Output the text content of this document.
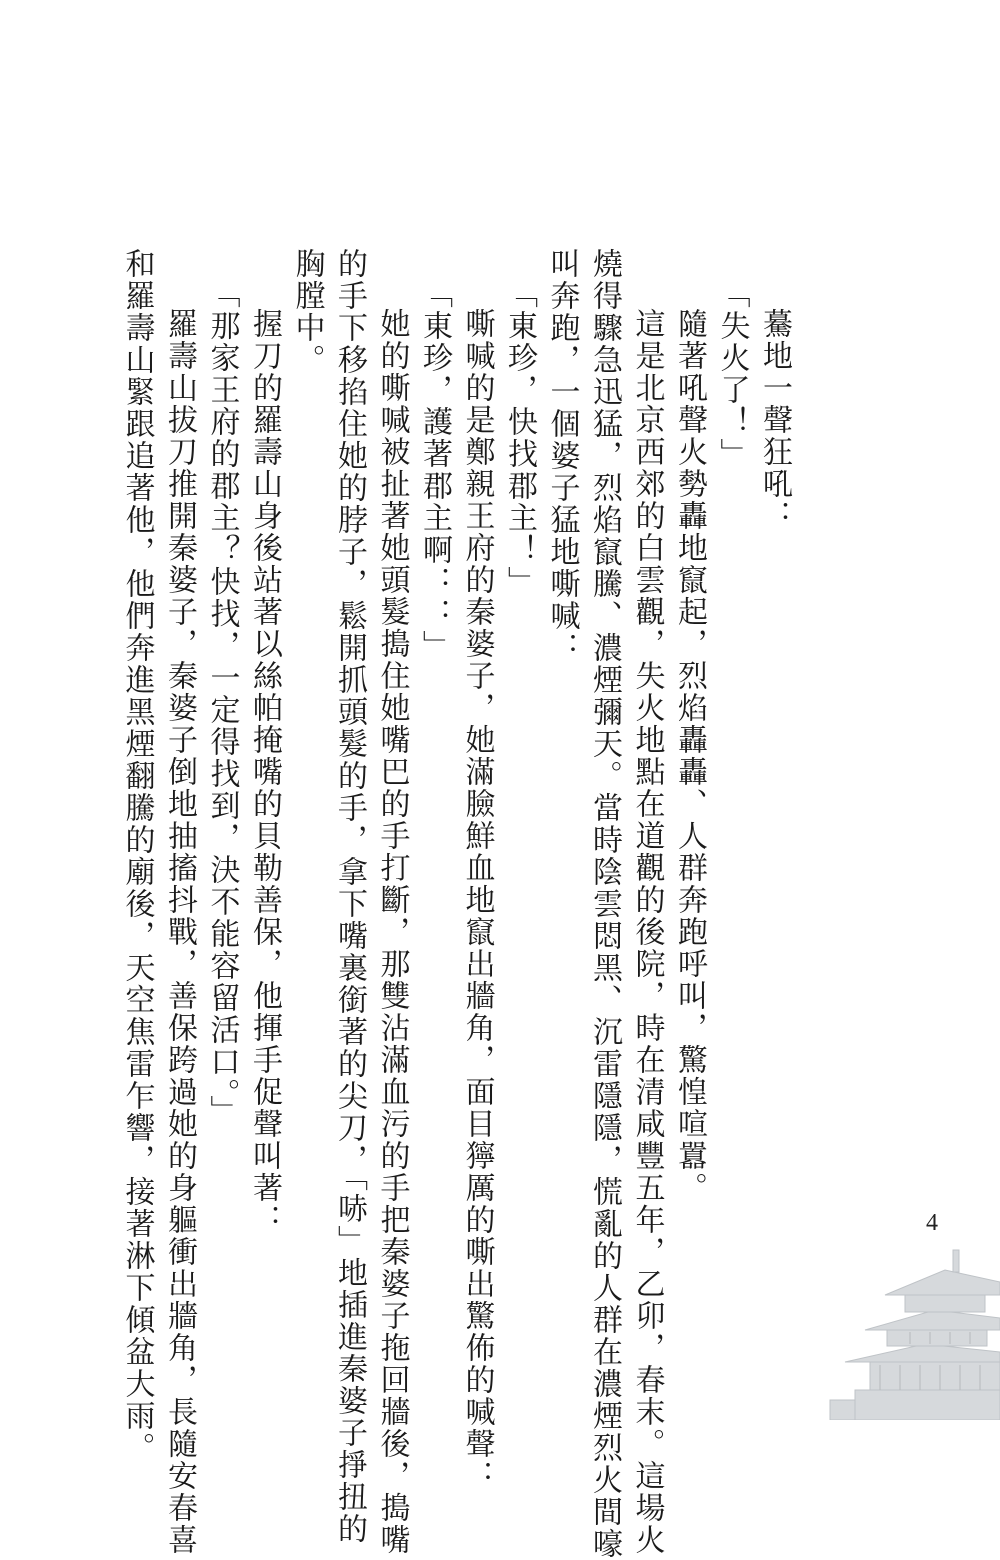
驀地一聲狂吼：
「失火了！」
隨著吼聲火勢轟地竄起，烈焰轟轟、人群奔跑呼叫，驚惶喧囂。
這是北京西郊的白雲觀，失火地點在道觀的後院，時在清咸豐五年，乙卯，春末。這場火
燒得驟急迅猛，烈焰竄騰、濃煙彌天。當時陰雲悶黑、沉雷隱隱，慌亂的人群在濃煙烈火間嚎
叫奔跑，一個婆子猛地嘶喊：
「東珍，快找郡主！」
嘶喊的是鄭親王府的秦婆子，她滿臉鮮血地竄出牆角，面目獰厲的嘶出驚佈的喊聲：
「東珍，護著郡主啊：：」
她的嘶喊被扯著她頭髮搗住她嘴巴的手打斷，那雙沾滿血污的手把秦婆子拖回牆後，搗嘴
的手下移掐住她的脖子，鬆開抓頭髮的手，拿下嘴裏銜著的尖刀，「哧」地插進秦婆子掙扭的
胸膛中。
握刀的羅壽山身後站著以絲帕掩嘴的貝勒善保，他揮手促聲叫著：
「那家王府的郡主？快找，一定得找到，決不能容留活口。」
羅壽山拔刀推開秦婆子，秦婆子倒地抽搐抖戰，善保跨過她的身軀衝出牆角，長隨安春喜
和羅壽山緊跟追著他，他們奔進黑煙翻騰的廟後，天空焦雷乍響，接著淋下傾盆大雨。	4
